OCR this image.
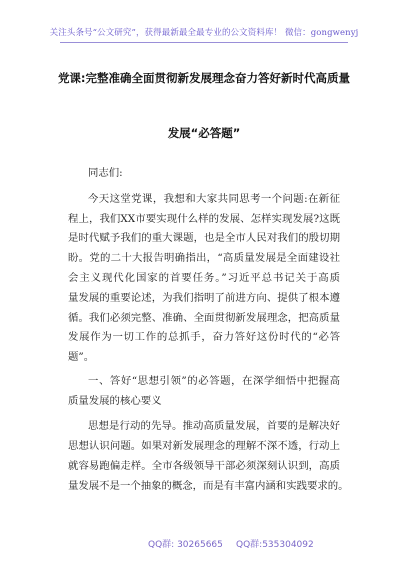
关注头条号“公文研究”，获得最新最全最专业的公文资料库！ 微信：gongwenyj
党课:完整准确全面贯彻新发展理念奋力答好新时代高质量
发展“必答题”
同志们:
今天这堂党课，我想和大家共同思考一个问题:在新征
程上，我们XX市要实现什么样的发展、怎样实现发展?这既
是时代赋予我们的重大课题，也是全市人民对我们的殷切期
盼。党的二十大报告明确指出，“高质量发展是全面建设社
会主义现代化国家的首要任务。”习近平总书记关于高质
量发展的重要论述，为我们指明了前进方向、提供了根本遵
循。我们必须完整、准确、全面贯彻新发展理念，把高质量
发展作为一切工作的总抓手，奋力答好这份时代的“必答
题”。
一、答好“思想引领”的必答题，在深学细悟中把握高
质量发展的核心要义
思想是行动的先导。推动高质量发展，首要的是解决好
思想认识问题。如果对新发展理念的理解不深不透，行动上
就容易跑偏走样。全市各级领导干部必须深刻认识到，高质
量发展不是一个抽象的概念，而是有丰富内涵和实践要求的。
QQ群: 30265665 QQ群:535304092
